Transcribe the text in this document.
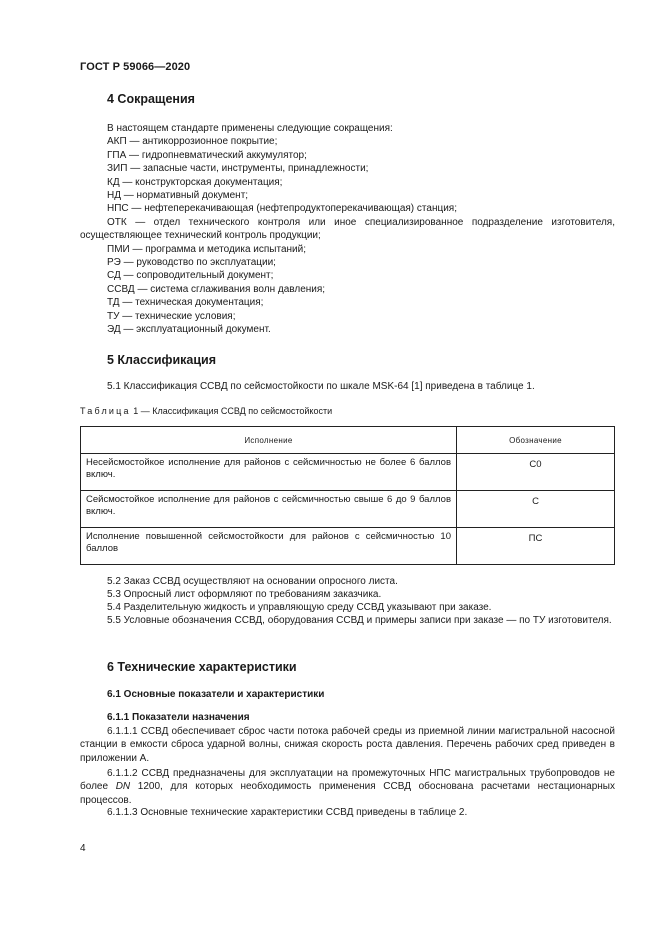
ГОСТ Р 59066—2020
4 Сокращения
В настоящем стандарте применены следующие сокращения:
АКП — антикоррозионное покрытие;
ГПА — гидропневматический аккумулятор;
ЗИП — запасные части, инструменты, принадлежности;
КД — конструкторская документация;
НД — нормативный документ;
НПС — нефтеперекачивающая (нефтепродуктоперекачивающая) станция;
ОТК — отдел технического контроля или иное специализированное подразделение изготовителя, осуществляющее технический контроль продукции;
ПМИ — программа и методика испытаний;
РЭ — руководство по эксплуатации;
СД — сопроводительный документ;
ССВД — система сглаживания волн давления;
ТД — техническая документация;
ТУ — технические условия;
ЭД — эксплуатационный документ.
5 Классификация

5.1 Классификация ССВД по сейсмостойкости по шкале MSK-64 [1] приведена в таблице 1.

Таблица 1 — Классификация ССВД по сейсмостойкости
Исполнение	Обозначение
Несейсмостойкое исполнение для районов с сейсмичностью не более 6 баллов включ.	С0
Сейсмостойкое исполнение для районов с сейсмичностью свыше 6 до 9 баллов включ.	С
Исполнение повышенной сейсмостойкости для районов с сейсмичностью 10 баллов	ПС

5.2 Заказ ССВД осуществляют на основании опросного листа.

5.3 Опросный лист оформляют по требованиям заказчика.

5.4 Разделительную жидкость и управляющую среду ССВД указывают при заказе.

5.5 Условные обозначения ССВД, оборудования ССВД и примеры записи при заказе — по ТУ изготовителя.

6 Технические характеристики
6.1 Основные показатели и характеристики
6.1.1 Показатели назначения

6.1.1.1 ССВД обеспечивает сброс части потока рабочей среды из приемной линии магистральной насосной станции в емкости сброса ударной волны, снижая скорость роста давления. Перечень рабочих сред приведен в приложении А.

6.1.1.2 ССВД предназначены для эксплуатации на промежуточных НПС магистральных трубопроводов не более DN 1200, для которых необходимость применения ССВД обоснована расчетами нестационарных процессов.

6.1.1.3 Основные технические характеристики ССВД приведены в таблице 2.

4
